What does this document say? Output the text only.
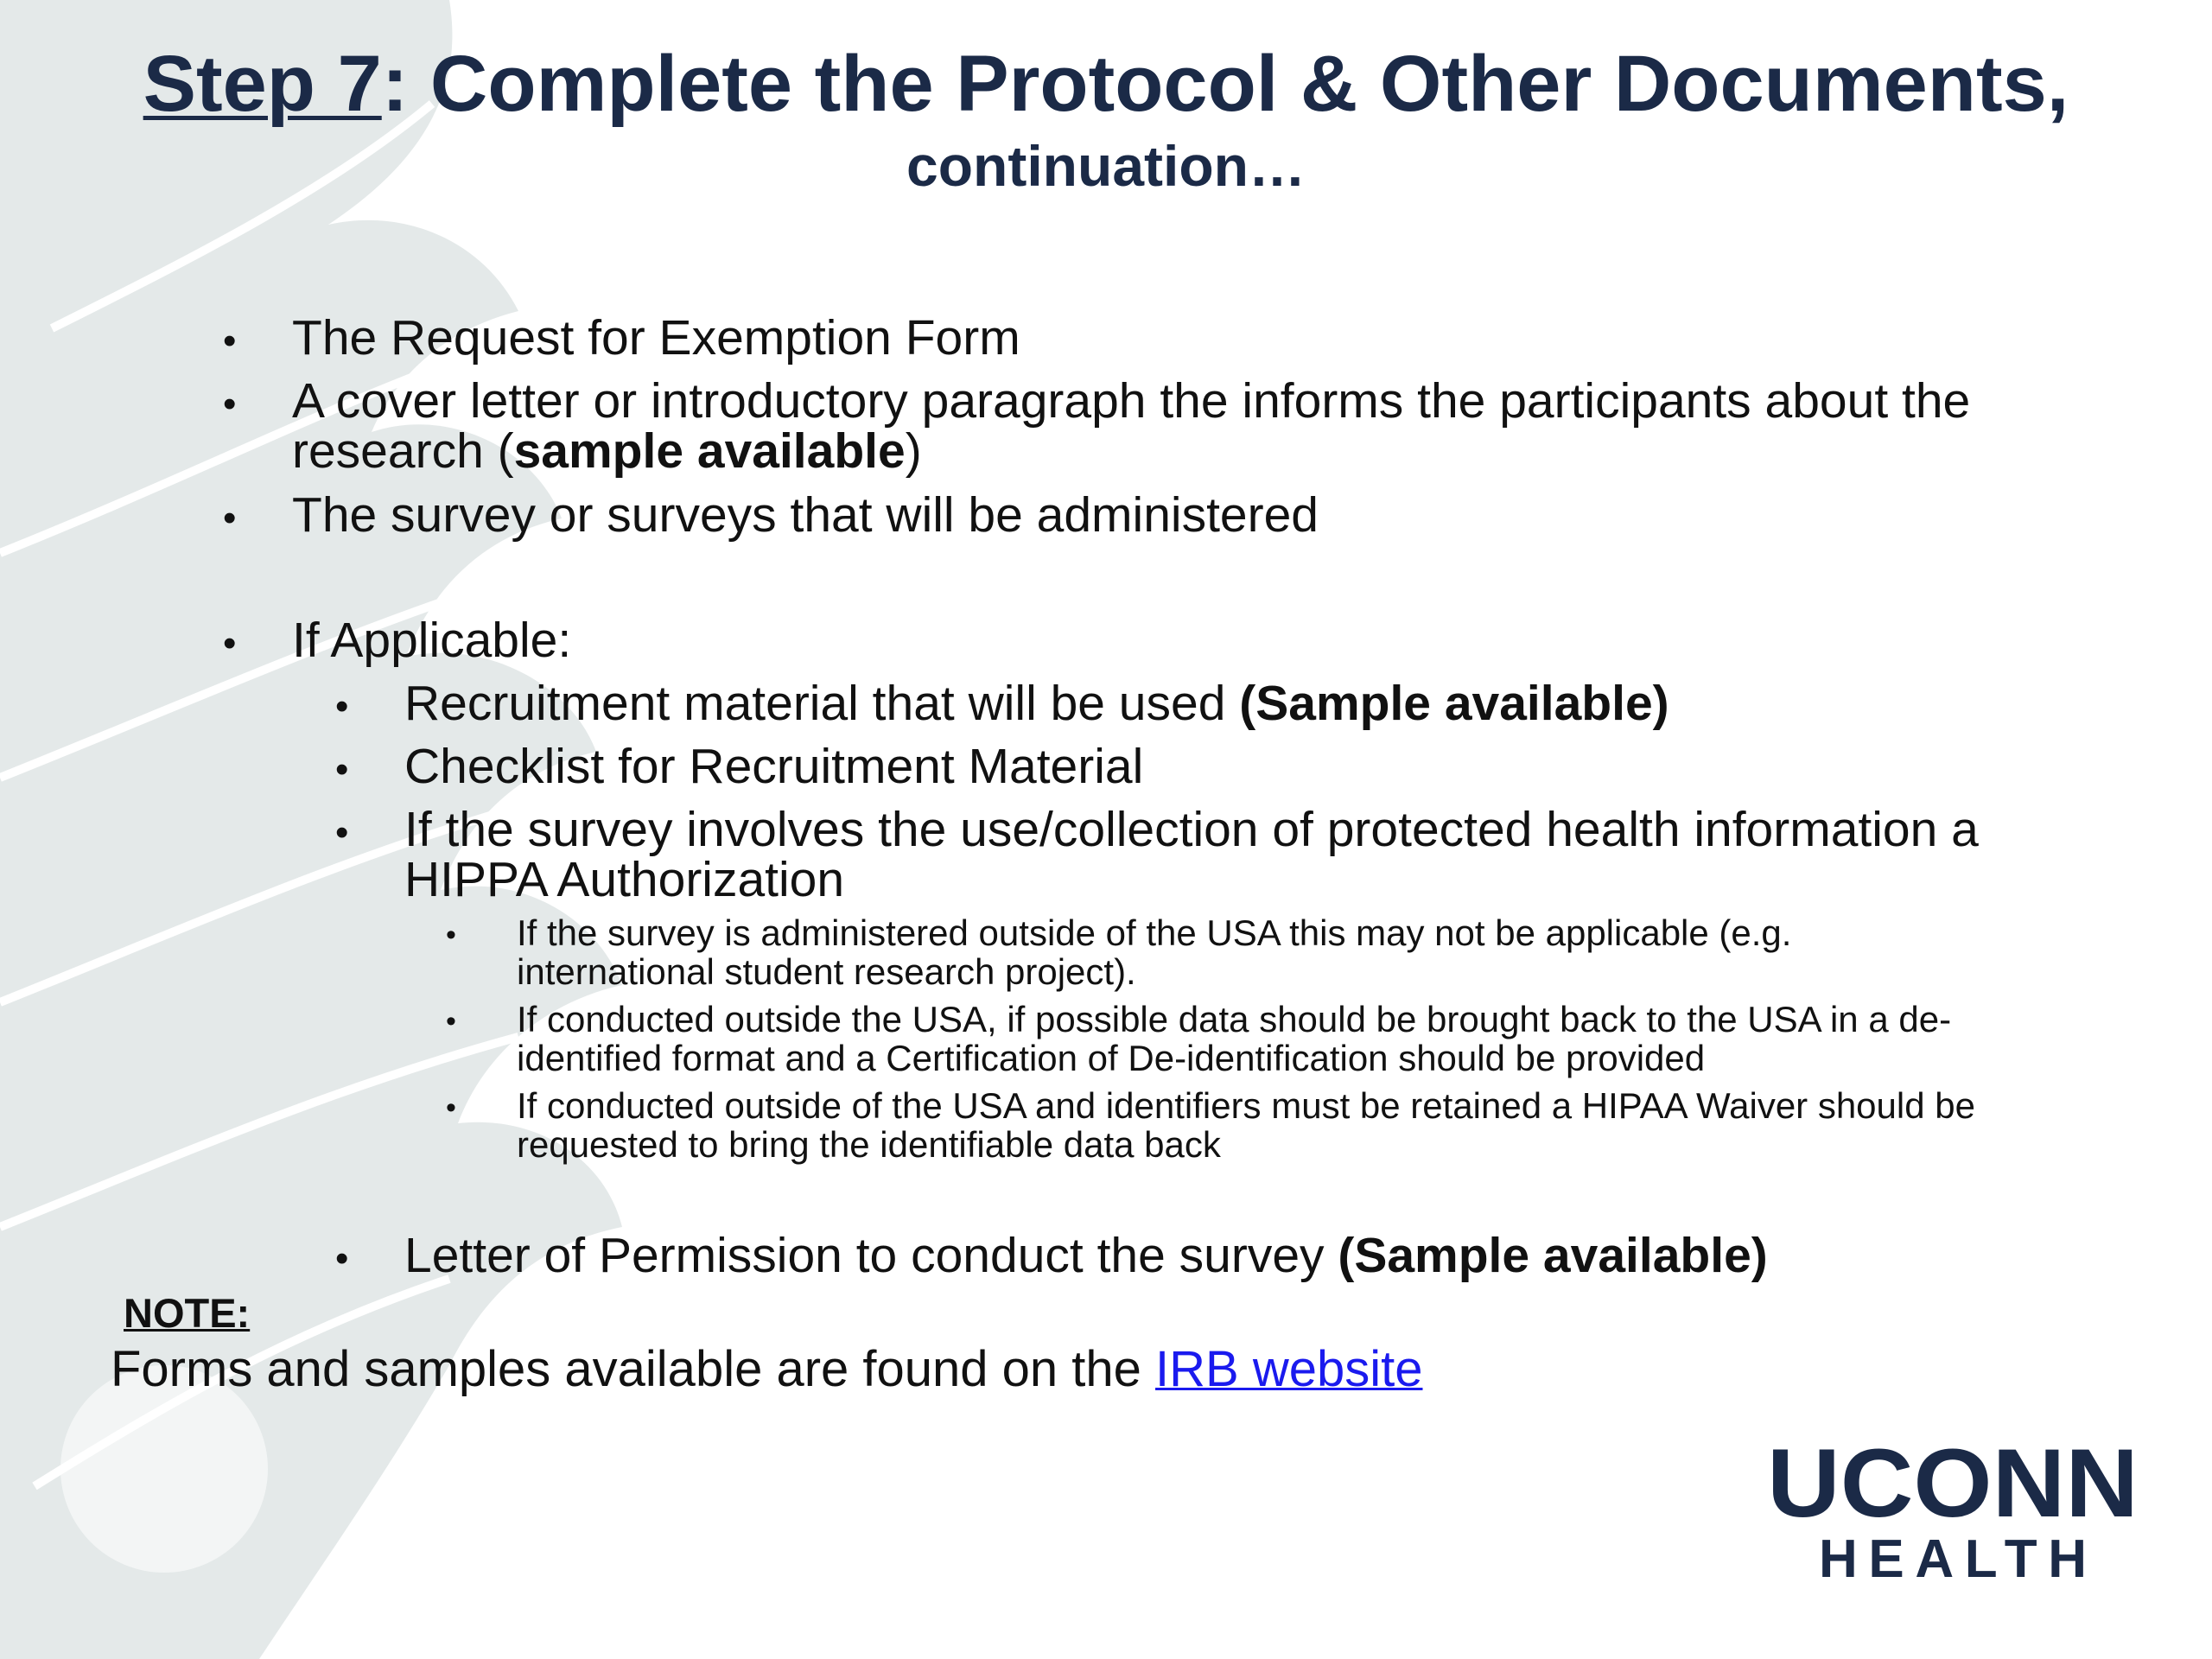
Step 7: Complete the Protocol & Other Documents,
continuation…
• The Request for Exemption Form
• A cover letter or introductory paragraph the informs the participants about the
research (sample available)
• The survey or surveys that will be administered
• If Applicable:
• Recruitment material that will be used (Sample available)
• Checklist for Recruitment Material
• If the survey involves the use/collection of protected health information a
HIPPA Authorization
• If the survey is administered outside of the USA this may not be applicable (e.g.
international student research project).
• If conducted outside the USA, if possible data should be brought back to the USA in a de-
identified format and a Certification of De-identification should be provided
• If conducted outside of the USA and identifiers must be retained a HIPAA Waiver should be
requested to bring the identifiable data back
• Letter of Permission to conduct the survey (Sample available)
NOTE:
Forms and samples available are found on the IRB website
UCONN
HEALTH
